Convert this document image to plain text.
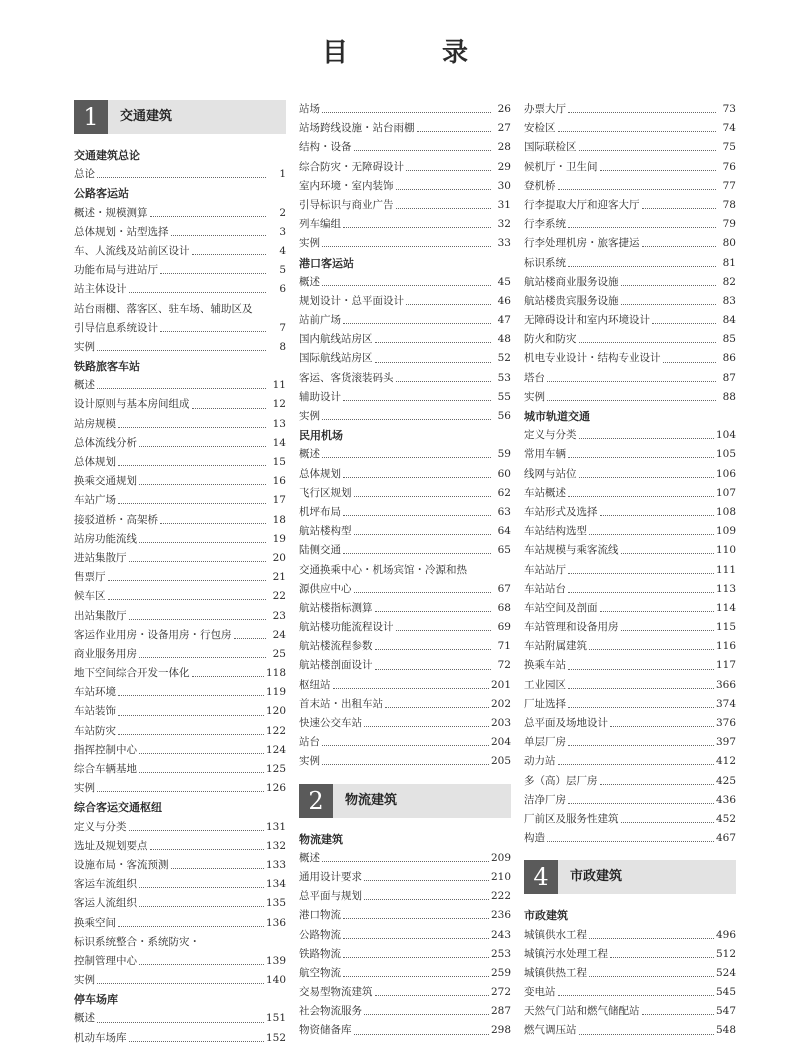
目　录
1	交通建筑
交通建筑总论
总论	1
公路客运站
概述・规模测算	2
总体规划・站型选择	3
车、人流线及站前区设计	4
功能布局与进站厅	5
站主体设计	6
站台雨棚、落客区、驻车场、辅助区及
引导信息系统设计	7
实例	8
铁路旅客车站
概述	11
设计原则与基本房间组成	12
站房规模	13
总体流线分析	14
总体规划	15
换乘交通规划	16
车站广场	17
接驳道桥・高架桥	18
站房功能流线	19
进站集散厅	20
售票厅	21
候车区	22
出站集散厅	23
客运作业用房・设备用房・行包房	24
商业服务用房	25
地下空间综合开发一体化	118
车站环境	119
车站装饰	120
车站防灾	122
指挥控制中心	124
综合车辆基地	125
实例	126
综合客运交通枢纽
定义与分类	131
选址及规划要点	132
设施布局・客流预测	133
客运车流组织	134
客运人流组织	135
换乘空间	136
标识系统整合・系统防灾・
控制管理中心	139
实例	140
停车场库
概述	151
机动车场库	152
站场	26
站场跨线设施・站台雨棚	27
结构・设备	28
综合防灾・无障碍设计	29
室内环境・室内装饰	30
引导标识与商业广告	31
列车编组	32
实例	33
港口客运站
概述	45
规划设计・总平面设计	46
站前广场	47
国内航线站房区	48
国际航线站房区	52
客运、客货滚装码头	53
辅助设计	55
实例	56
民用机场
概述	59
总体规划	60
飞行区规划	62
机坪布局	63
航站楼构型	64
陆侧交通	65
交通换乘中心・机场宾馆・冷源和热
源供应中心	67
航站楼指标测算	68
航站楼功能流程设计	69
航站楼流程参数	71
航站楼剖面设计	72
枢纽站	201
首末站・出租车站	202
快速公交车站	203
站台	204
实例	205
2	物流建筑
物流建筑
概述	209
通用设计要求	210
总平面与规划	222
港口物流	236
公路物流	243
铁路物流	253
航空物流	259
交易型物流建筑	272
社会物流服务	287
物资储备库	298
办票大厅	73
安检区	74
国际联检区	75
候机厅・卫生间	76
登机桥	77
行李提取大厅和迎客大厅	78
行李系统	79
行李处理机房・旅客捷运	80
标识系统	81
航站楼商业服务设施	82
航站楼贵宾服务设施	83
无障碍设计和室内环境设计	84
防火和防灾	85
机电专业设计・结构专业设计	86
塔台	87
实例	88
城市轨道交通
定义与分类	104
常用车辆	105
线网与站位	106
车站概述	107
车站形式及选择	108
车站结构选型	109
车站规模与乘客流线	110
车站站厅	111
车站站台	113
车站空间及剖面	114
车站管理和设备用房	115
车站附属建筑	116
换乘车站	117
工业园区	366
厂址选择	374
总平面及场地设计	376
单层厂房	397
动力站	412
多（高）层厂房	425
洁净厂房	436
厂前区及服务性建筑	452
构造	467
4	市政建筑
市政建筑
城镇供水工程	496
城镇污水处理工程	512
城镇供热工程	524
变电站	545
天然气门站和燃气储配站	547
燃气调压站	548
